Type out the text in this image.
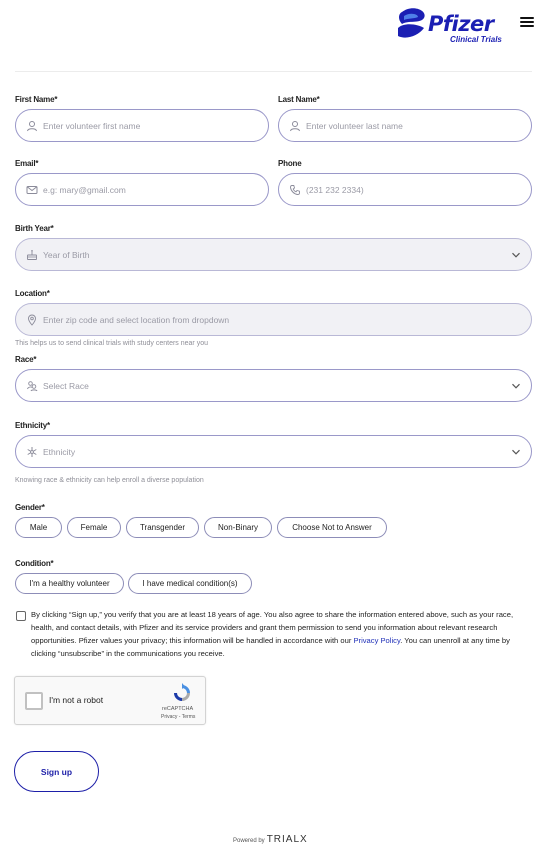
Pfizer
Clinical Trials
First Name*
Enter volunteer first name	Last Name*
Enter volunteer last name
Email*
e.g: mary@gmail.com	Phone
(231 232 2334)
Birth Year*
Year of Birth
Location*
Enter zip code and select location from dropdown
This helps us to send clinical trials with study centers near you
Race*
Select Race
Ethnicity*
Ethnicity
Knowing race & ethnicity can help enroll a diverse population
Gender*
Male	Female	Transgender	Non-Binary	Choose Not to Answer
Condition*
I'm a healthy volunteer	I have medical condition(s)
By clicking “Sign up,” you verify that you are at least 18 years of age. You also agree to share the information entered above, such as your race, health, and contact details, with Pfizer and its service providers and grant them permission to send you information about relevant research opportunities. Pfizer values your privacy; this information will be handled in accordance with our Privacy Policy. You can unenroll at any time by clicking “unsubscribe” in the communications you receive.
I'm not a robot
reCAPTCHA
Privacy - Terms
Sign up
Powered by TRIALX
